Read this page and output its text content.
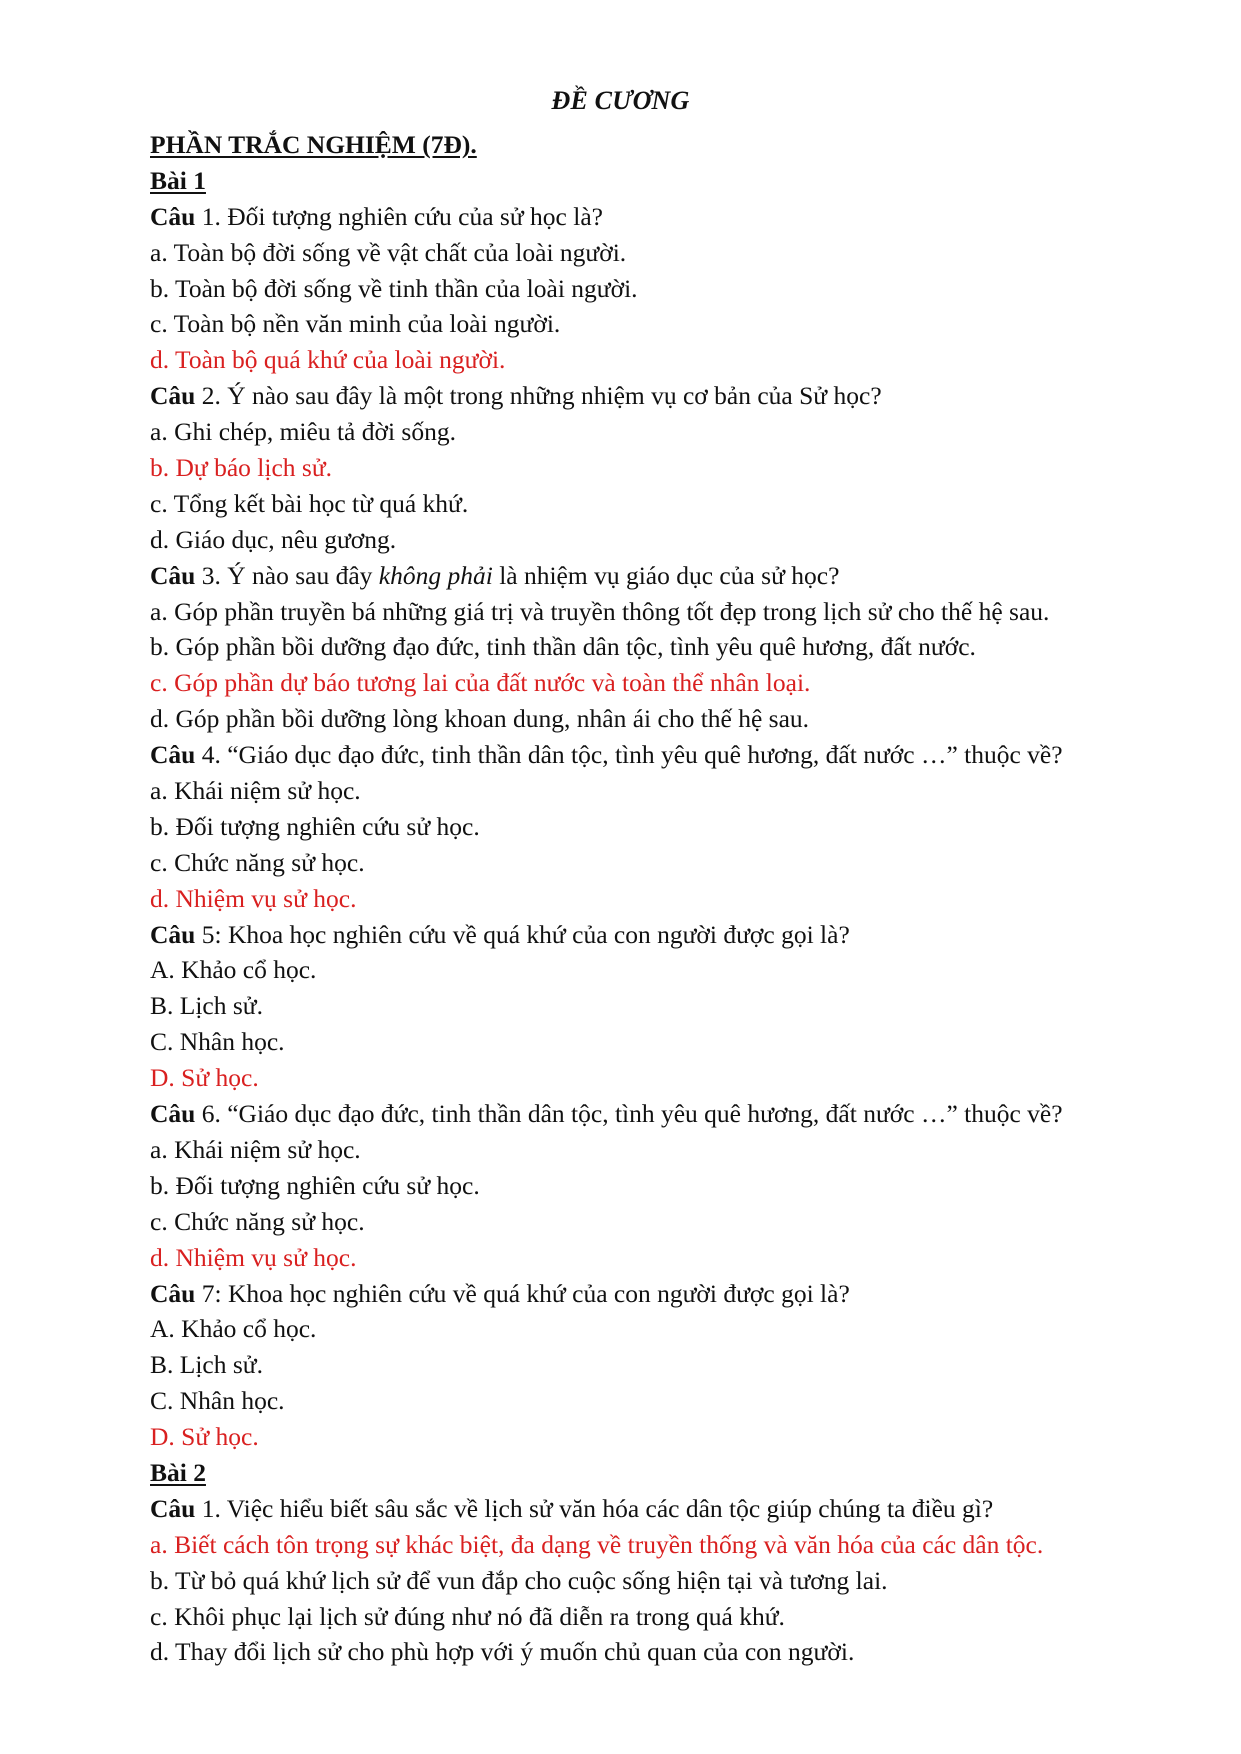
ĐỀ CƯƠNG
PHẦN TRẮC NGHIỆM (7Đ).
Bài 1
Câu 1. Đối tượng nghiên cứu của sử học là?
a. Toàn bộ đời sống về vật chất của loài người.
b. Toàn bộ đời sống về tinh thần của loài người.
c. Toàn bộ nền văn minh của loài người.
d. Toàn bộ quá khứ của loài người.
Câu 2. Ý nào sau đây là một trong những nhiệm vụ cơ bản của Sử học?
a. Ghi chép, miêu tả đời sống.
b. Dự báo lịch sử.
c. Tổng kết bài học từ quá khứ.
d. Giáo dục, nêu gương.
Câu 3. Ý nào sau đây không phải là nhiệm vụ giáo dục của sử học?
a. Góp phần truyền bá những giá trị và truyền thông tốt đẹp trong lịch sử cho thế hệ sau.
b. Góp phần bồi dưỡng đạo đức, tinh thần dân tộc, tình yêu quê hương, đất nước.
c. Góp phần dự báo tương lai của đất nước và toàn thể nhân loại.
d. Góp phần bồi dưỡng lòng khoan dung, nhân ái cho thế hệ sau.
Câu 4. “Giáo dục đạo đức, tinh thần dân tộc, tình yêu quê hương, đất nước …” thuộc về?
a. Khái niệm sử học.
b. Đối tượng nghiên cứu sử học.
c. Chức năng sử học.
d. Nhiệm vụ sử học.
Câu 5: Khoa học nghiên cứu về quá khứ của con người được gọi là?
A. Khảo cổ học.
B. Lịch sử.
C. Nhân học.
D. Sử học.
Câu 6. “Giáo dục đạo đức, tinh thần dân tộc, tình yêu quê hương, đất nước …” thuộc về?
a. Khái niệm sử học.
b. Đối tượng nghiên cứu sử học.
c. Chức năng sử học.
d. Nhiệm vụ sử học.
Câu 7: Khoa học nghiên cứu về quá khứ của con người được gọi là?
A. Khảo cổ học.
B. Lịch sử.
C. Nhân học.
D. Sử học.
Bài 2
Câu 1. Việc hiểu biết sâu sắc về lịch sử văn hóa các dân tộc giúp chúng ta điều gì?
a. Biết cách tôn trọng sự khác biệt, đa dạng về truyền thống và văn hóa của các dân tộc.
b. Từ bỏ quá khứ lịch sử để vun đắp cho cuộc sống hiện tại và tương lai.
c. Khôi phục lại lịch sử đúng như nó đã diễn ra trong quá khứ.
d. Thay đổi lịch sử cho phù hợp với ý muốn chủ quan của con người.
